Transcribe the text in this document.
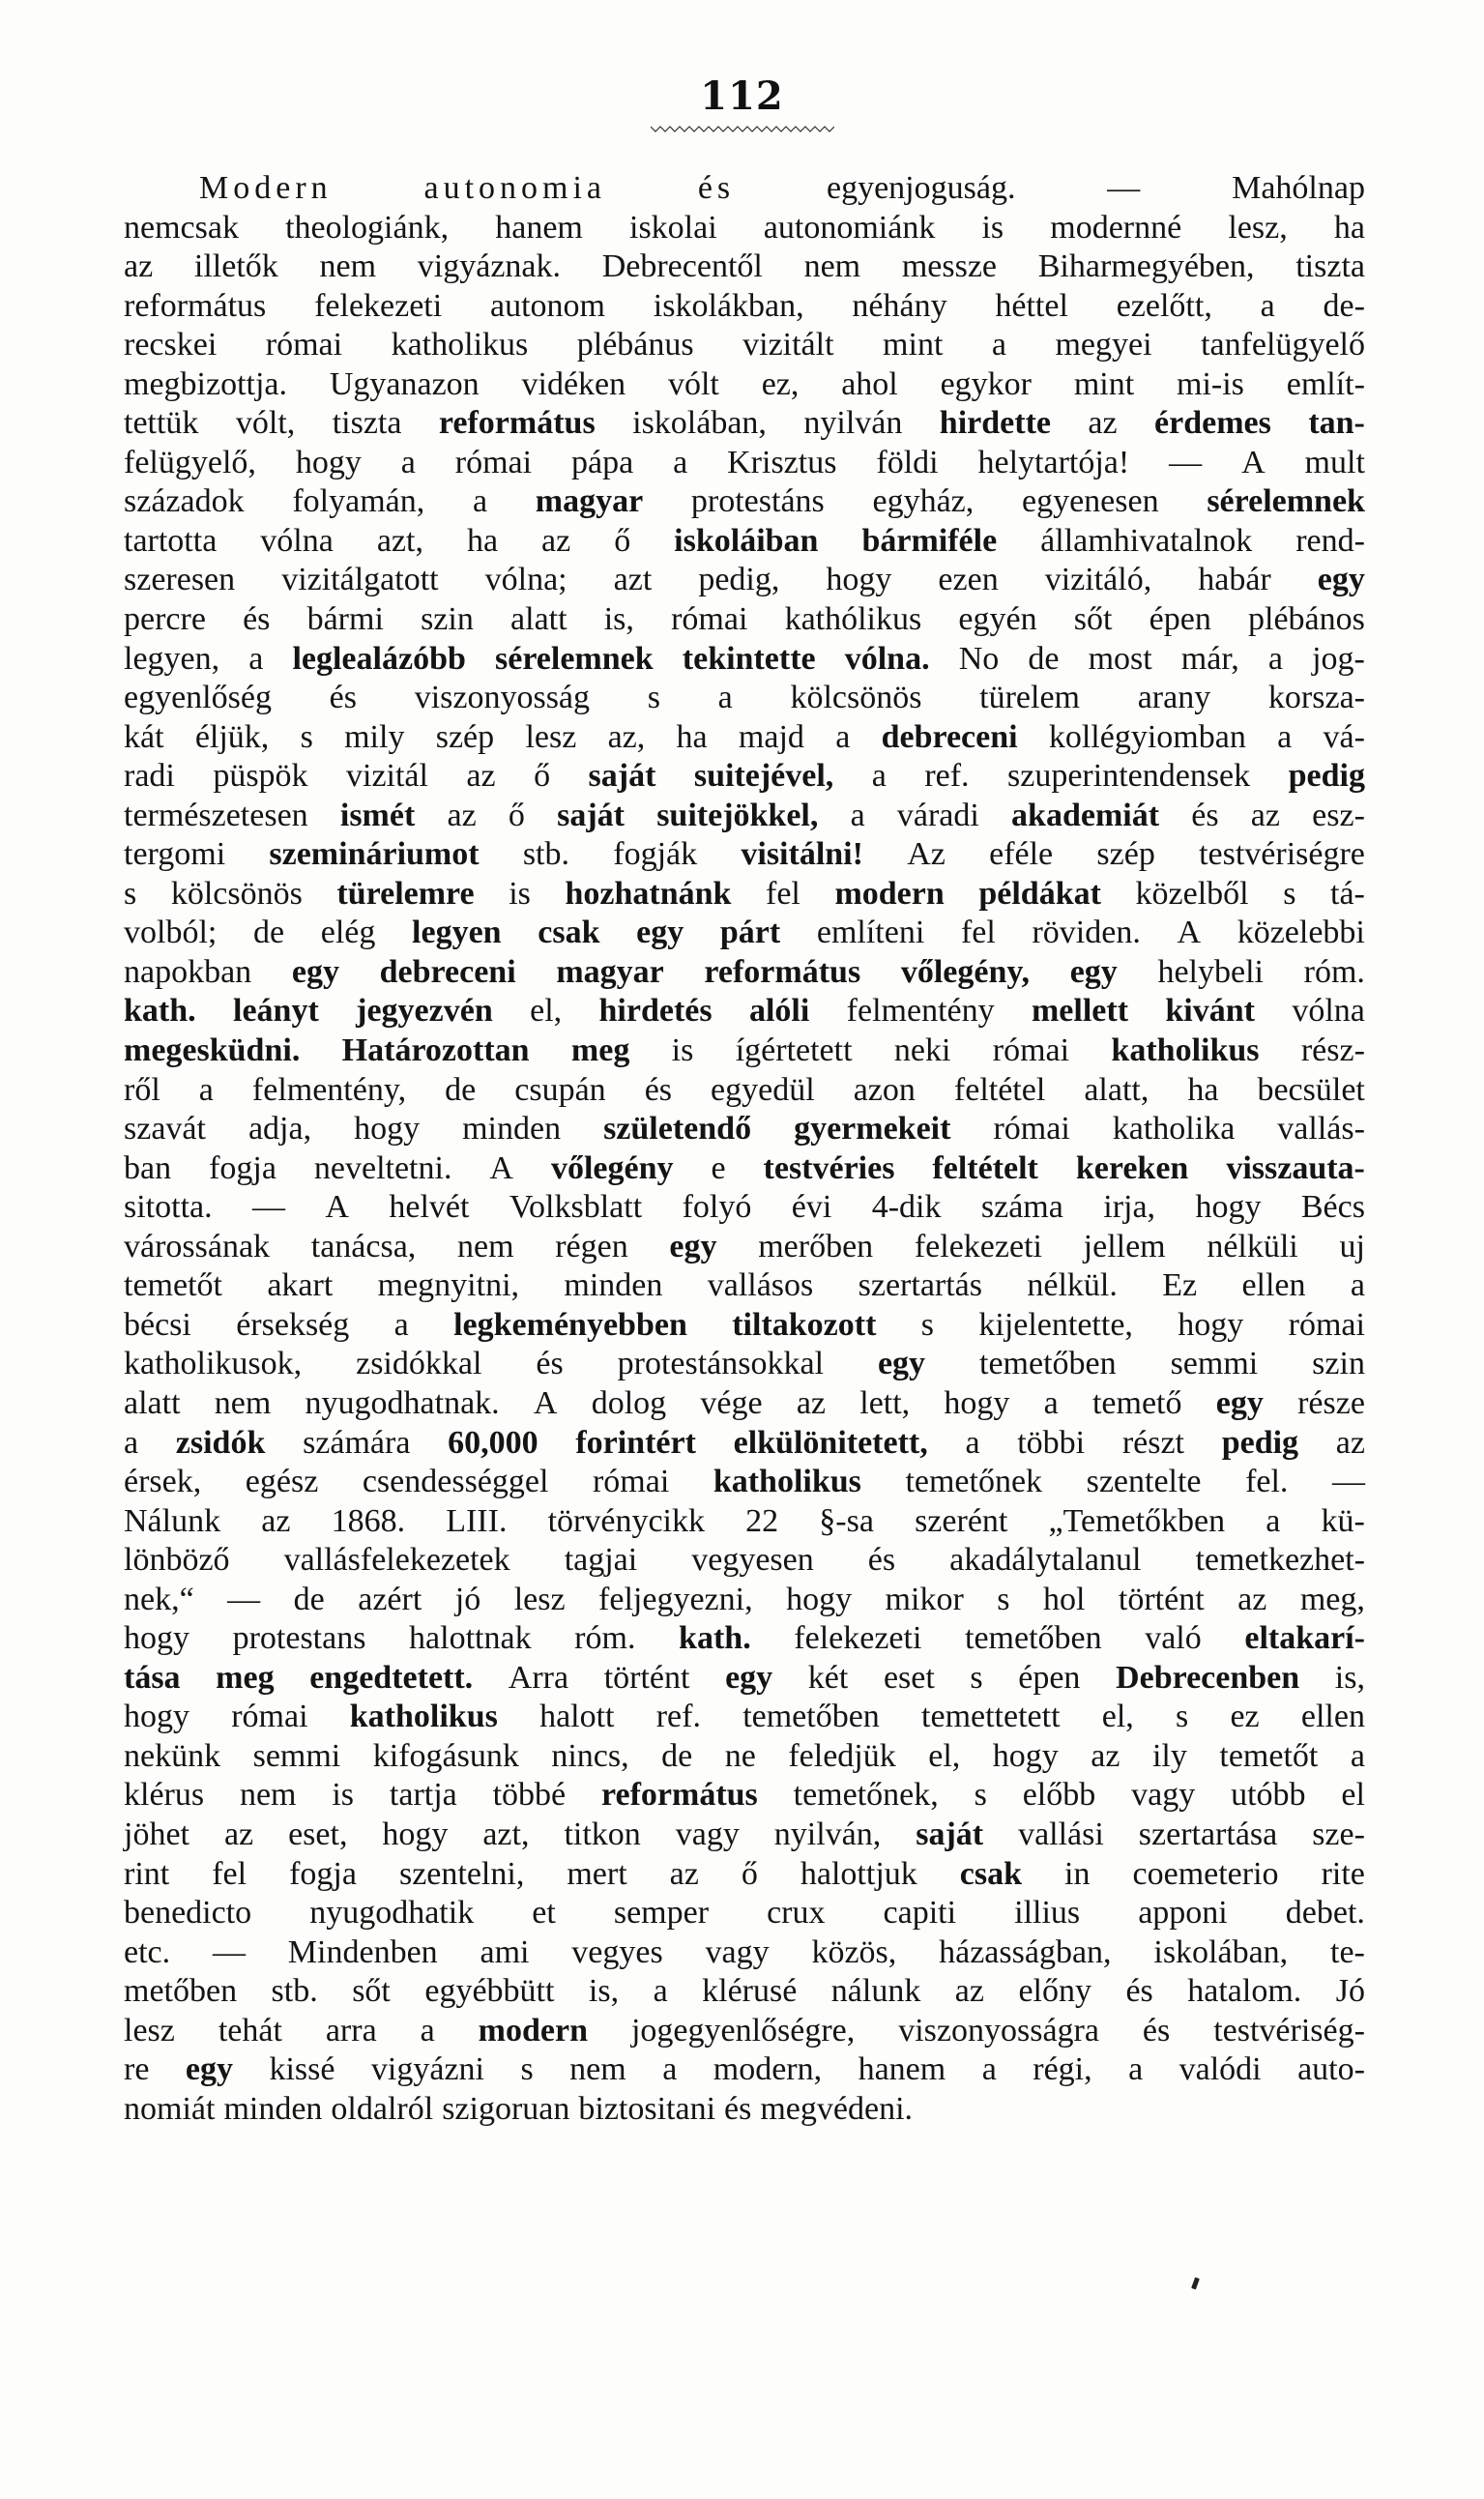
112
Modern	autonomia	és	egyenjoguság.	—	Mahólnap
nemcsak theologiánk, hanem iskolai autonomiánk is modernné lesz, ha
az illetők nem vigyáznak. Debrecentől nem messze Biharmegyében, tiszta
református felekezeti autonom iskolákban, néhány héttel ezelőtt, a de-
recskei római katholikus plébánus vizitált mint a megyei tanfelügyelő
megbizottja. Ugyanazon vidéken vólt ez, ahol egykor mint mi-is említ-
tettük vólt, tiszta református iskolában, nyilván hirdette az érdemes tan-
felügyelő, hogy a római pápa a Krisztus földi helytartója! — A mult
századok folyamán, a magyar protestáns egyház, egyenesen sérelemnek
tartotta vólna azt, ha az ő iskoláiban bármiféle államhivatalnok rend-
szeresen vizitálgatott vólna; azt pedig, hogy ezen vizitáló, habár egy
percre és bármi szin alatt is, római kathólikus egyén sőt épen plébános
legyen, a leglealázóbb sérelemnek tekintette vólna. No de most már, a jog-
egyenlőség és viszonyosság s a kölcsönös türelem arany korsza-
kát éljük, s mily szép lesz az, ha majd a debreceni kollégyiomban a vá-
radi püspök vizitál az ő saját suitejével, a ref. szuperintendensek pedig
természetesen ismét az ő saját suitejökkel, a váradi akademiát és az esz-
tergomi szemináriumot stb. fogják visitálni! Az eféle szép testvériségre
s kölcsönös türelemre is hozhatnánk fel modern példákat közelből s tá-
volból; de elég legyen csak egy párt említeni fel röviden. A közelebbi
napokban egy debreceni magyar református vőlegény, egy helybeli róm.
kath. leányt jegyezvén el, hirdetés alóli felmentény mellett kivánt vólna
megesküdni. Határozottan meg is ígértetett neki római katholikus rész-
ről a felmentény, de csupán és egyedül azon feltétel alatt, ha becsület
szavát adja, hogy minden születendő gyermekeit római katholika vallás-
ban fogja neveltetni. A vőlegény e testvéries feltételt kereken visszauta-
sitotta. — A helvét Volksblatt folyó évi 4-dik száma irja, hogy Bécs
várossának tanácsa, nem régen egy merőben felekezeti jellem nélküli uj
temetőt akart megnyitni, minden vallásos szertartás nélkül. Ez ellen a
bécsi érsekség a legkeményebben tiltakozott s kijelentette, hogy római
katholikusok, zsidókkal és protestánsokkal egy temetőben semmi szin
alatt nem nyugodhatnak. A dolog vége az lett, hogy a temető egy része
a zsidók számára 60,000 forintért elkülönitetett, a többi részt pedig az
érsek, egész csendességgel római katholikus temetőnek szentelte fel. —
Nálunk az 1868. LIII. törvénycikk 22 §-sa szerént „Temetőkben a kü-
lönböző vallásfelekezetek tagjai vegyesen és akadálytalanul temetkezhet-
nek,“ — de azért jó lesz feljegyezni, hogy mikor s hol történt az meg,
hogy protestans halottnak róm. kath. felekezeti temetőben való eltakarí-
tása meg engedtetett. Arra történt egy két eset s épen Debrecenben is,
hogy római katholikus halott ref. temetőben temettetett el, s ez ellen
nekünk semmi kifogásunk nincs, de ne feledjük el, hogy az ily temetőt a
klérus nem is tartja többé református temetőnek, s előbb vagy utóbb el
jöhet az eset, hogy azt, titkon vagy nyilván, saját vallási szertartása sze-
rint fel fogja szentelni, mert az ő halottjuk csak in coemeterio rite
benedicto nyugodhatik et semper crux capiti illius apponi debet.
etc. — Mindenben ami vegyes vagy közös, házasságban, iskolában, te-
metőben stb. sőt egyébbütt is, a klérusé nálunk az előny és hatalom. Jó
lesz tehát arra a modern jogegyenlőségre, viszonyosságra és testvériség-
re egy kissé vigyázni s nem a modern, hanem a régi, a valódi auto-
nomiát minden oldalról szigoruan biztositani és megvédeni.
